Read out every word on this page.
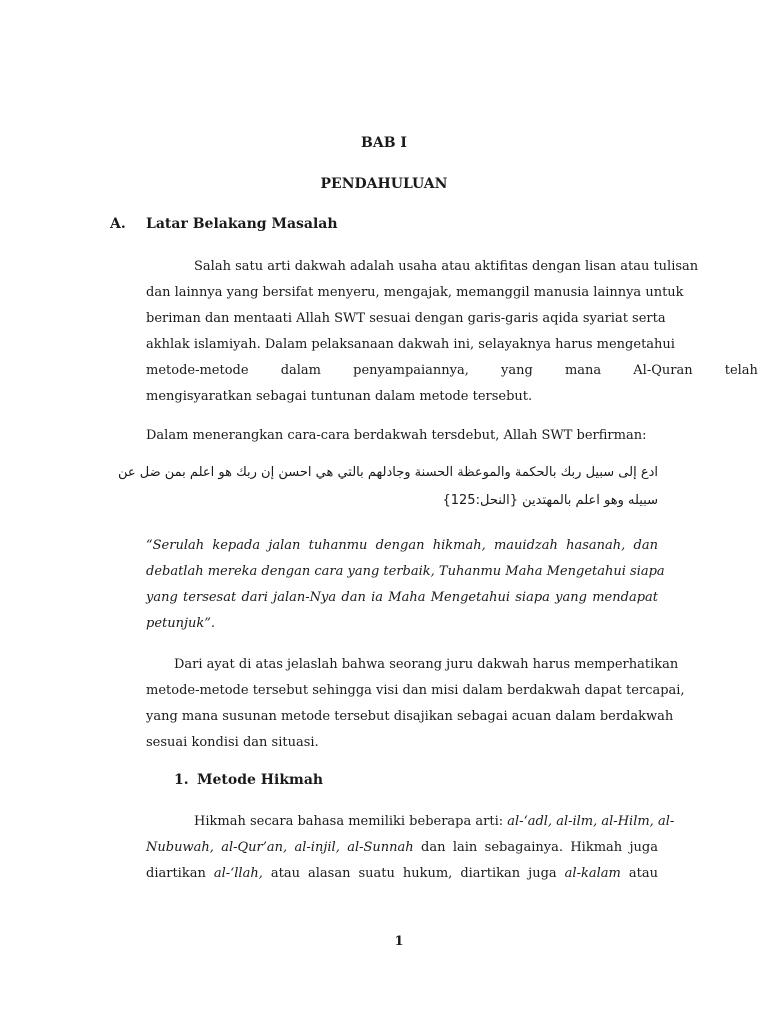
BAB I
PENDAHULUAN
A. Latar Belakang Masalah
Salah satu arti dakwah adalah usaha atau aktifitas dengan lisan atau tulisan
dan lainnya yang bersifat menyeru, mengajak, memanggil manusia lainnya untuk
beriman dan mentaati Allah SWT sesuai dengan garis-garis aqida syariat serta
akhlak islamiyah. Dalam pelaksanaan dakwah ini, selayaknya harus mengetahui
metode-metode dalam penyampaiannya, yang mana Al-Quran telah
mengisyaratkan sebagai tuntunan dalam metode tersebut.
Dalam menerangkan cara-cara berdakwah tersdebut, Allah SWT berfirman:
ادع إلى سبيل ربك بالحكمة والموعظة الحسنة وجادلهم بالتي هي احسن إن ربك هو اعلم بمن ضل عن
سبيله وهو اعلم بالمهتدين {النحل:125}
“Serulah kepada jalan tuhanmu dengan hikmah, mauidzah hasanah, dan
debatlah mereka dengan cara yang terbaik, Tuhanmu Maha Mengetahui siapa
yang tersesat dari jalan-Nya dan ia Maha Mengetahui siapa yang mendapat
petunjuk”.
Dari ayat di atas jelaslah bahwa seorang juru dakwah harus memperhatikan
metode-metode tersebut sehingga visi dan misi dalam berdakwah dapat tercapai,
yang mana susunan metode tersebut disajikan sebagai acuan dalam berdakwah
sesuai kondisi dan situasi.
1. Metode Hikmah
Hikmah secara bahasa memiliki beberapa arti: al-‘adl, al-ilm, al-Hilm, al-
Nubuwah, al-Qur’an, al-injil, al-Sunnah dan lain sebagainya. Hikmah juga
diartikan al-‘llah, atau alasan suatu hukum, diartikan juga al-kalam atau
1
